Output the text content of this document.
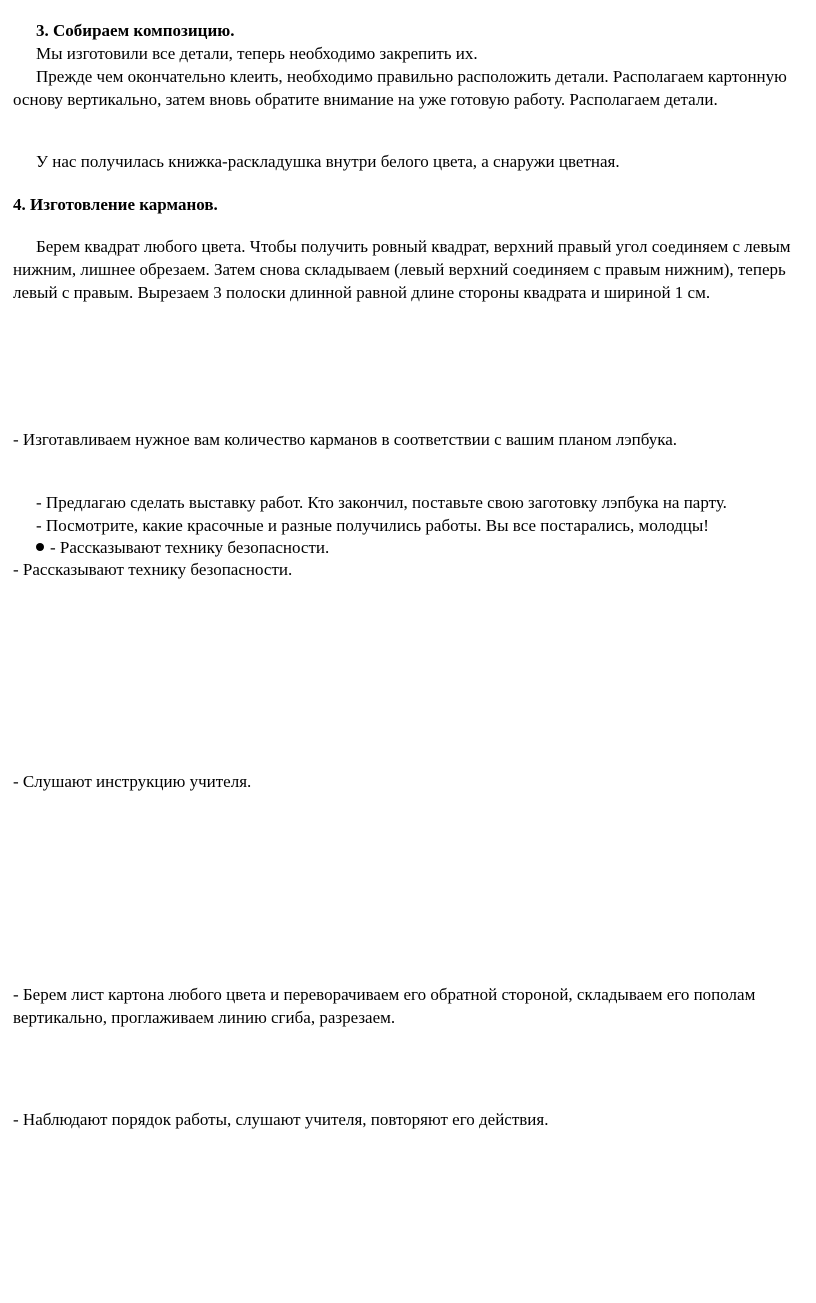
3. Собираем композицию.

Мы изготовили все детали, теперь необходимо закрепить их.

Прежде чем окончательно клеить, необходимо правильно расположить детали. Располагаем картонную основу вертикально, затем вновь обратите внимание на уже готовую работу. Располагаем детали.

У нас получилась книжка-раскладушка внутри белого цвета, а снаружи цветная.

4. Изготовление карманов.

Берем квадрат любого цвета. Чтобы получить ровный квадрат, верхний правый угол соединяем с левым нижним, лишнее обрезаем. Затем снова складываем (левый верхний соединяем с правым нижним), теперь левый с правым. Вырезаем 3 полоски длинной равной длине стороны квадрата и шириной 1 см.

- Изготавливаем нужное вам количество карманов в соответствии с вашим планом лэпбука.

- Предлагаю сделать выставку работ. Кто закончил, поставьте свою заготовку лэпбука на парту.

- Посмотрите, какие красочные и разные получились работы. Вы все постарались, молодцы!

- Рассказывают технику безопасности.

- Рассказывают технику безопасности.

- Слушают инструкцию учителя.

- Берем лист картона любого цвета и переворачиваем его обратной стороной, складываем его пополам вертикально, проглаживаем линию сгиба, разрезаем.

- Наблюдают порядок работы, слушают учителя, повторяют его действия.
